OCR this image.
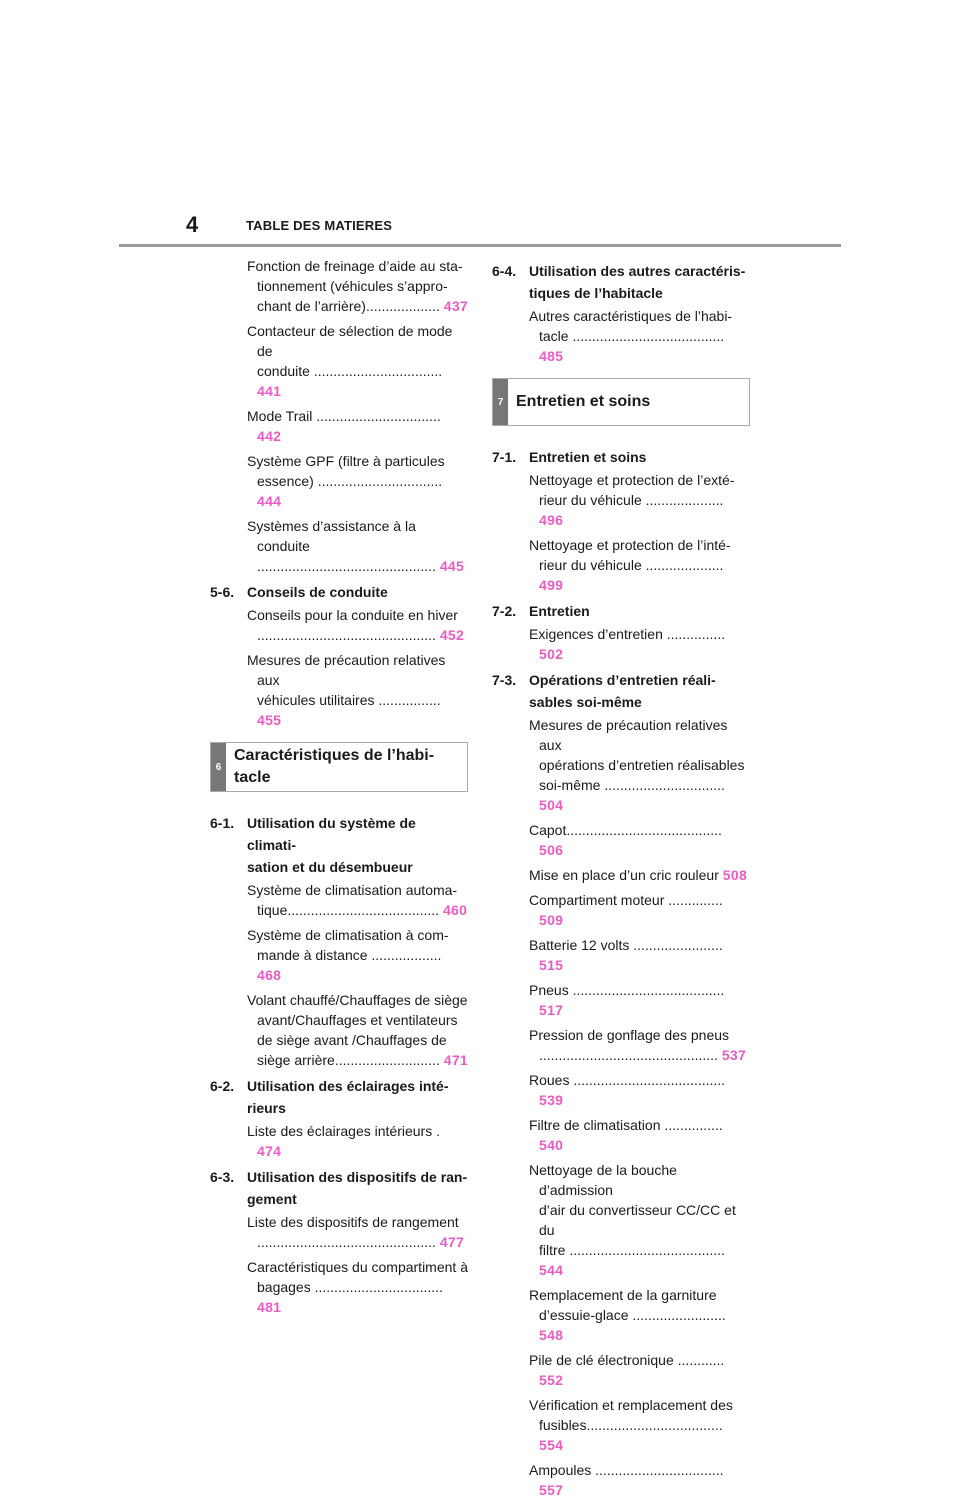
4	TABLE DES MATIERES
Fonction de freinage d’aide au sta-
tionnement (véhicules s’appro-
chant de l’arrière)................... 437
Contacteur de sélection de mode de
conduite ................................. 441
Mode Trail ................................ 442
Système GPF (filtre à particules
essence) ................................ 444
Systèmes d’assistance à la conduite
.............................................. 445
5-6. Conseils de conduite
Conseils pour la conduite en hiver
.............................................. 452
Mesures de précaution relatives aux
véhicules utilitaires ................ 455
6
Caractéristiques de l’habi-
tacle
6-1. Utilisation du système de climati-
sation et du désembueur
Système de climatisation automa-
tique....................................... 460
Système de climatisation à com-
mande à distance .................. 468
Volant chauffé/Chauffages de siège
avant/Chauffages et ventilateurs
de siège avant /Chauffages de
siège arrière........................... 471
6-2. Utilisation des éclairages inté-
rieurs
Liste des éclairages intérieurs . 474
6-3. Utilisation des dispositifs de ran-
gement
Liste des dispositifs de rangement
.............................................. 477
Caractéristiques du compartiment à
bagages ................................. 481
6-4. Utilisation des autres caractéris-
tiques de l’habitacle
Autres caractéristiques de l’habi-
tacle ....................................... 485
7 Entretien et soins
7-1. Entretien et soins
Nettoyage et protection de l’exté-
rieur du véhicule .................... 496
Nettoyage et protection de l’inté-
rieur du véhicule .................... 499
7-2. Entretien
Exigences d’entretien ............... 502
7-3. Opérations d’entretien réali-
sables soi-même
Mesures de précaution relatives aux
opérations d’entretien réalisables
soi-même ............................... 504
Capot........................................ 506
Mise en place d’un cric rouleur 508
Compartiment moteur .............. 509
Batterie 12 volts ....................... 515
Pneus ....................................... 517
Pression de gonflage des pneus
.............................................. 537
Roues ....................................... 539
Filtre de climatisation ............... 540
Nettoyage de la bouche d’admission
d’air du convertisseur CC/CC et du
filtre ........................................ 544
Remplacement de la garniture
d’essuie-glace ........................ 548
Pile de clé électronique ............ 552
Vérification et remplacement des
fusibles................................... 554
Ampoules ................................. 557
